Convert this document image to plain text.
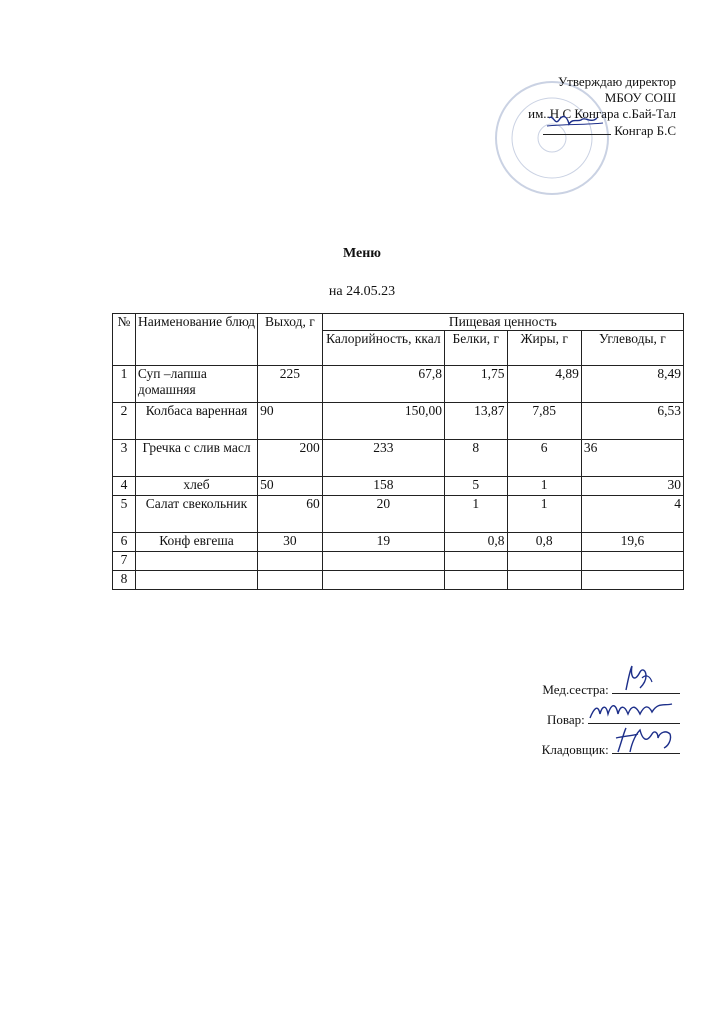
Утверждаю директор
МБОУ СОШ
им..Н.С Конгара с.Бай-Тал
Конгар Б.С
Меню
на 24.05.23
№	Наименование блюд	Выход, г	Пищевая ценность			
			Калорийность, ккал	Белки, г	Жиры, г	Углеводы, г
1	Суп –лапша домашняя	225	67,8	1,75	4,89	8,49
2	Колбаса варенная	90	150,00	13,87	7,85	6,53
3	Гречка с слив масл	200	233	8	6	36
4	хлеб	50	158	5	1	30
5	Салат свекольник	60	20	1	1	4
6	Конф евгеша	30	19	0,8	0,8	19,6
7						
8						
Мед.сестра:
Повар:
Кладовщик:
